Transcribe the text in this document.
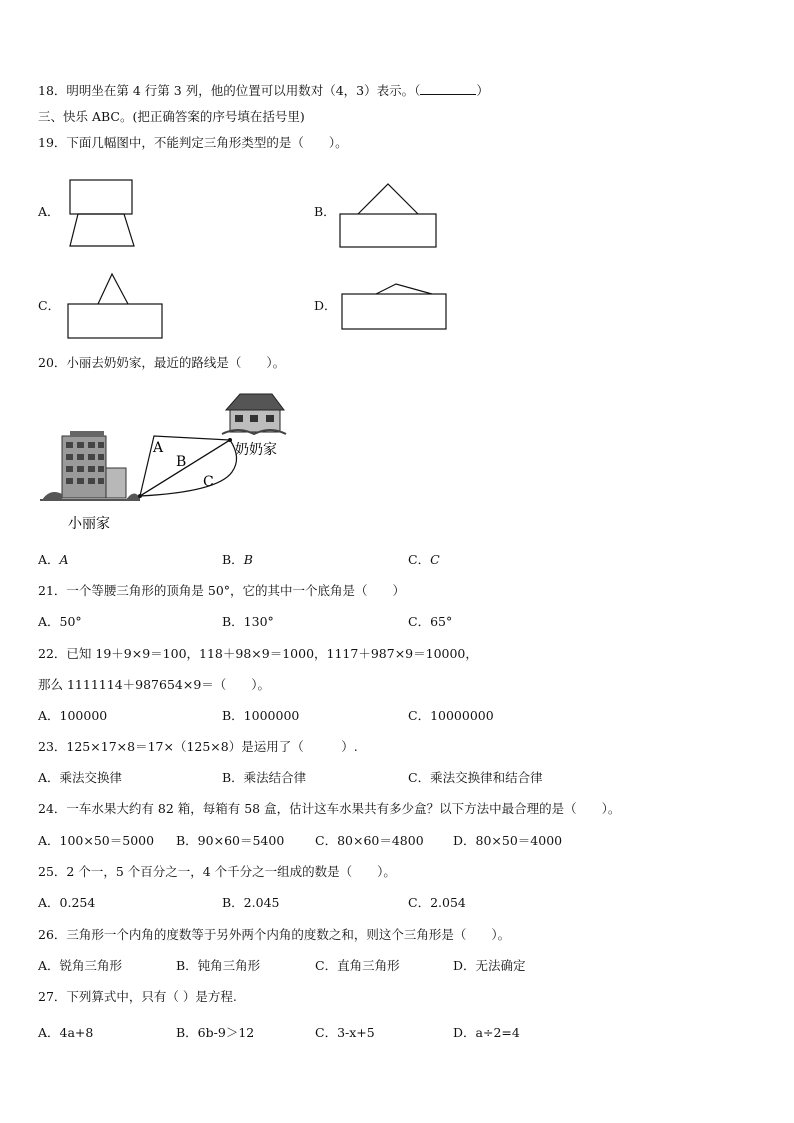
18．明明坐在第 4 行第 3 列，他的位置可以用数对（4，3）表示。（	）
三、快乐 ABC。(把正确答案的序号填在括号里)
19．下面几幅图中，不能判定三角形类型的是（　　）。
A．	B．
C．	D．
20．小丽去奶奶家，最近的路线是（　　）。
A
B
C
奶奶家
小丽家
A．A	B．B	C．C
21．一个等腰三角形的顶角是 50°，它的其中一个底角是（　　）
A．50°	B．130°	C．65°
22．已知 19＋9×9＝100，118＋98×9＝1000，1117＋987×9＝10000，
那么 1111114＋987654×9＝（　　）。
A．100000	B．1000000	C．10000000
23．125×17×8＝17×（125×8）是运用了（　　　）.
A．乘法交换律	B．乘法结合律	C．乘法交换律和结合律
24．一车水果大约有 82 箱，每箱有 58 盒，估计这车水果共有多少盒？以下方法中最合理的是（　　）。
A．100×50＝5000 B．90×60＝5400 C．80×60＝4800 D．80×50＝4000
25．2 个一，5 个百分之一，4 个千分之一组成的数是（　　）。
A．0.254	B．2.045	C．2.054
26．三角形一个内角的度数等于另外两个内角的度数之和，则这个三角形是（　　）。
A．锐角三角形	B．钝角三角形	C．直角三角形	D．无法确定
27．下列算式中，只有（ ）是方程.
A．4a+8	B．6b-9＞12	C．3-x+5	D．a÷2=4
